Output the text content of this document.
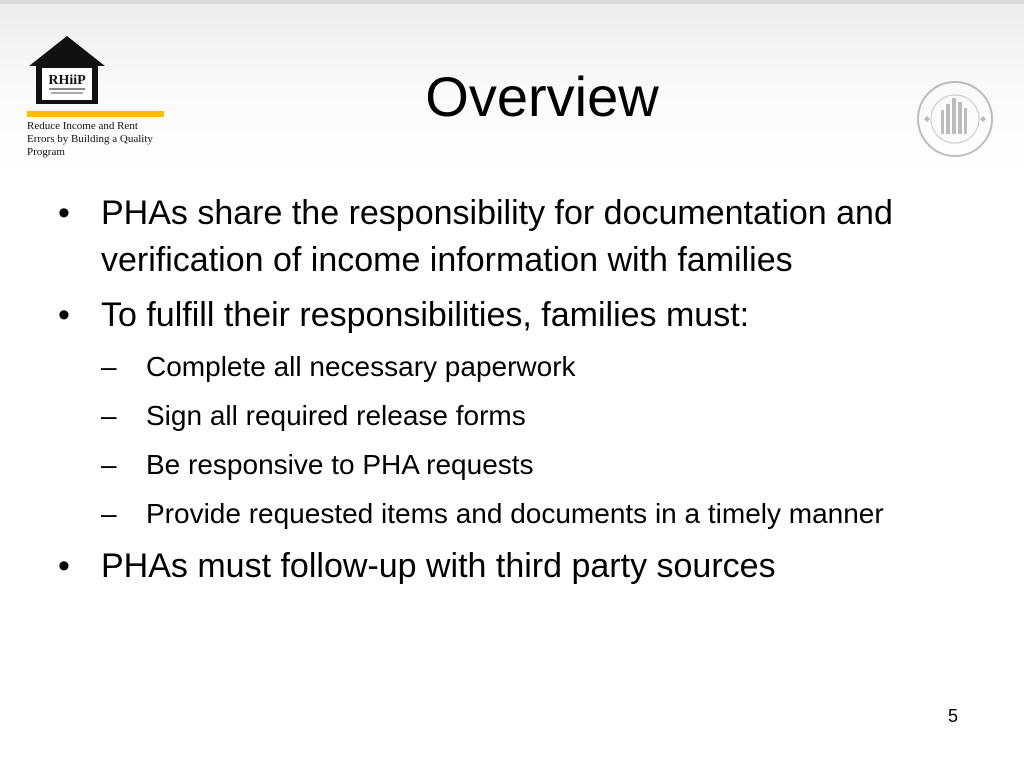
RHiiP
Reduce Income and Rent
Errors by Building a Quality
Program
Overview
• PHAs share the responsibility for documentation and verification of income information with families
• To fulfill their responsibilities, families must:
– Complete all necessary paperwork
– Sign all required release forms
– Be responsive to PHA requests
– Provide requested items and documents in a timely manner
• PHAs must follow-up with third party sources
5
